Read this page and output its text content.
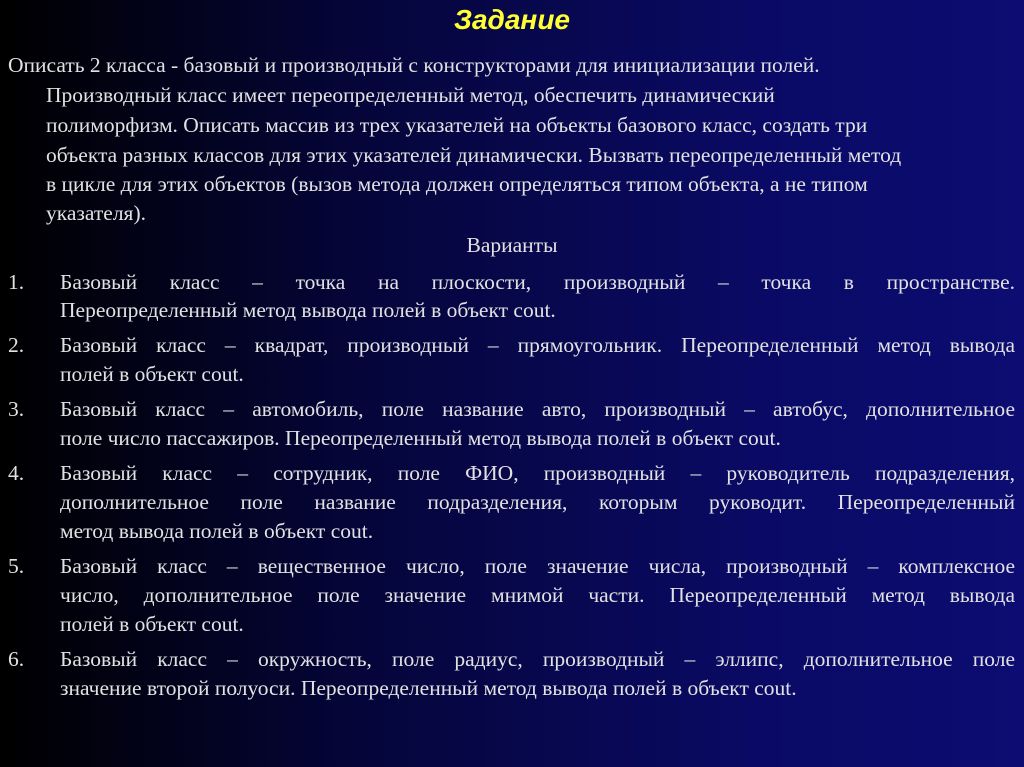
Задание
Описать 2 класса - базовый и производный с конструкторами для инициализации полей.
Производный класс имеет переопределенный метод, обеспечить динамический
полиморфизм. Описать массив из трех указателей на объекты базового класс, создать три
объекта разных классов для этих указателей динамически. Вызвать переопределенный метод
в цикле для этих объектов (вызов метода должен определяться типом объекта, а не типом
указателя).
Варианты
1. Базовый класс – точка на плоскости, производный – точка в пространстве.
Переопределенный метод вывода полей в объект cout.
2. Базовый класс – квадрат, производный – прямоугольник. Переопределенный метод вывода
полей в объект cout.
3. Базовый класс – автомобиль, поле название авто, производный – автобус, дополнительное
поле число пассажиров. Переопределенный метод вывода полей в объект cout.
4. Базовый класс – сотрудник, поле ФИО, производный – руководитель подразделения,
дополнительное поле название подразделения, которым руководит. Переопределенный
метод вывода полей в объект cout.
5. Базовый класс – вещественное число, поле значение числа, производный – комплексное
число, дополнительное поле значение мнимой части. Переопределенный метод вывода
полей в объект cout.
6. Базовый класс – окружность, поле радиус, производный – эллипс, дополнительное поле
значение второй полуоси. Переопределенный метод вывода полей в объект cout.
